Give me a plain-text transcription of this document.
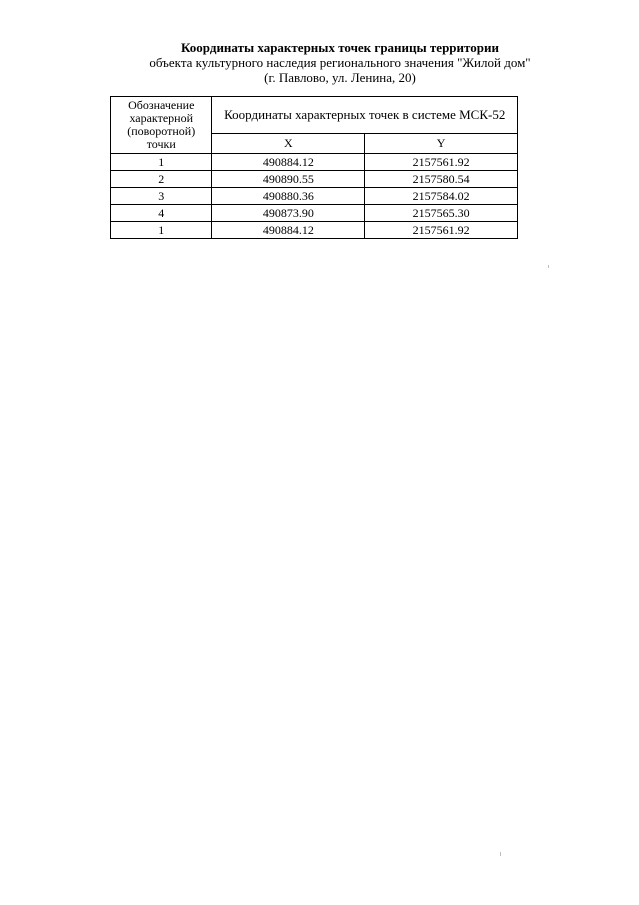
Координаты характерных точек границы территории
объекта культурного наследия регионального значения "Жилой дом"
(г. Павлово, ул. Ленина, 20)
Обозначение
характерной
(поворотной)
точки	Координаты характерных точек в системе МСК-52	
	X	Y
1	490884.12	2157561.92
2	490890.55	2157580.54
3	490880.36	2157584.02
4	490873.90	2157565.30
1	490884.12	2157561.92
